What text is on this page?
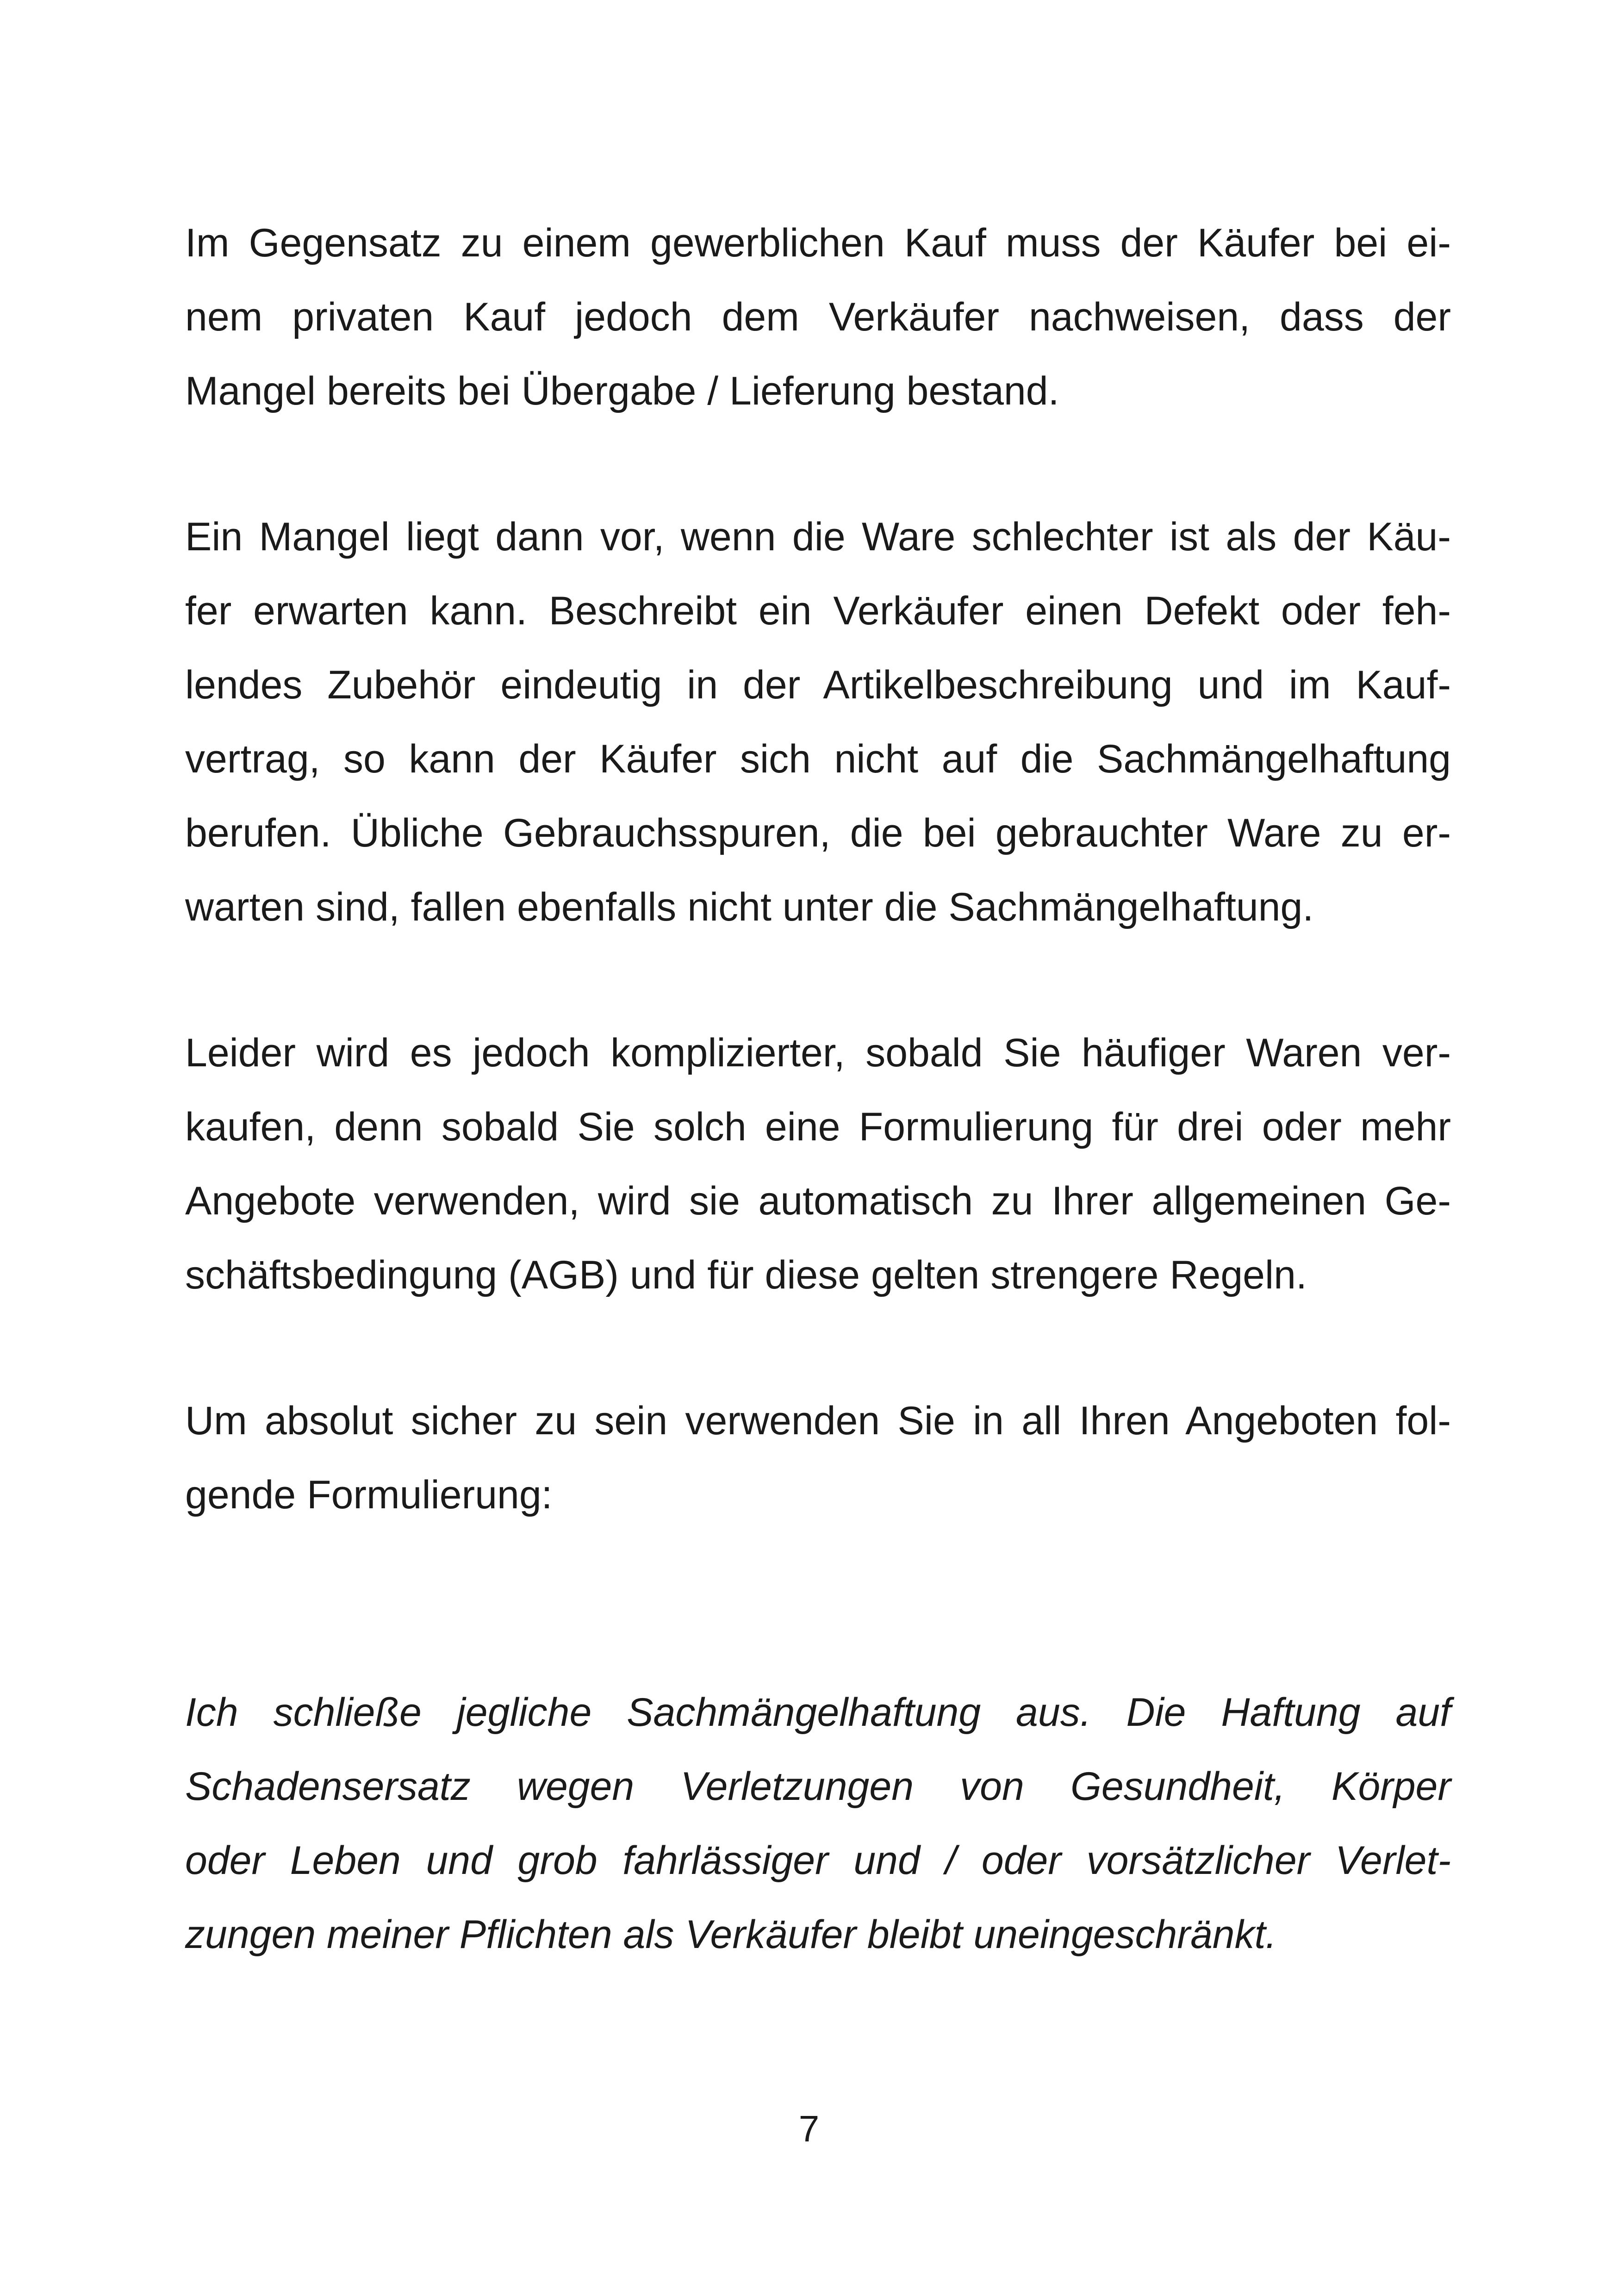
Im Gegensatz zu einem gewerblichen Kauf muss der Käufer bei ei-
nem privaten Kauf jedoch dem Verkäufer nachweisen, dass der
Mangel bereits bei Übergabe / Lieferung bestand.

Ein Mangel liegt dann vor, wenn die Ware schlechter ist als der Käu-
fer erwarten kann. Beschreibt ein Verkäufer einen Defekt oder feh-
lendes Zubehör eindeutig in der Artikelbeschreibung und im Kauf-
vertrag, so kann der Käufer sich nicht auf die Sachmängelhaftung
berufen. Übliche Gebrauchsspuren, die bei gebrauchter Ware zu er-
warten sind, fallen ebenfalls nicht unter die Sachmängelhaftung.

Leider wird es jedoch komplizierter, sobald Sie häufiger Waren ver-
kaufen, denn sobald Sie solch eine Formulierung für drei oder mehr
Angebote verwenden, wird sie automatisch zu Ihrer allgemeinen Ge-
schäftsbedingung (AGB) und für diese gelten strengere Regeln.

Um absolut sicher zu sein verwenden Sie in all Ihren Angeboten fol-
gende Formulierung:

Ich schließe jegliche Sachmängelhaftung aus. Die Haftung auf
Schadensersatz wegen Verletzungen von Gesundheit, Körper
oder Leben und grob fahrlässiger und / oder vorsätzlicher Verlet-
zungen meiner Pflichten als Verkäufer bleibt uneingeschränkt.

7
